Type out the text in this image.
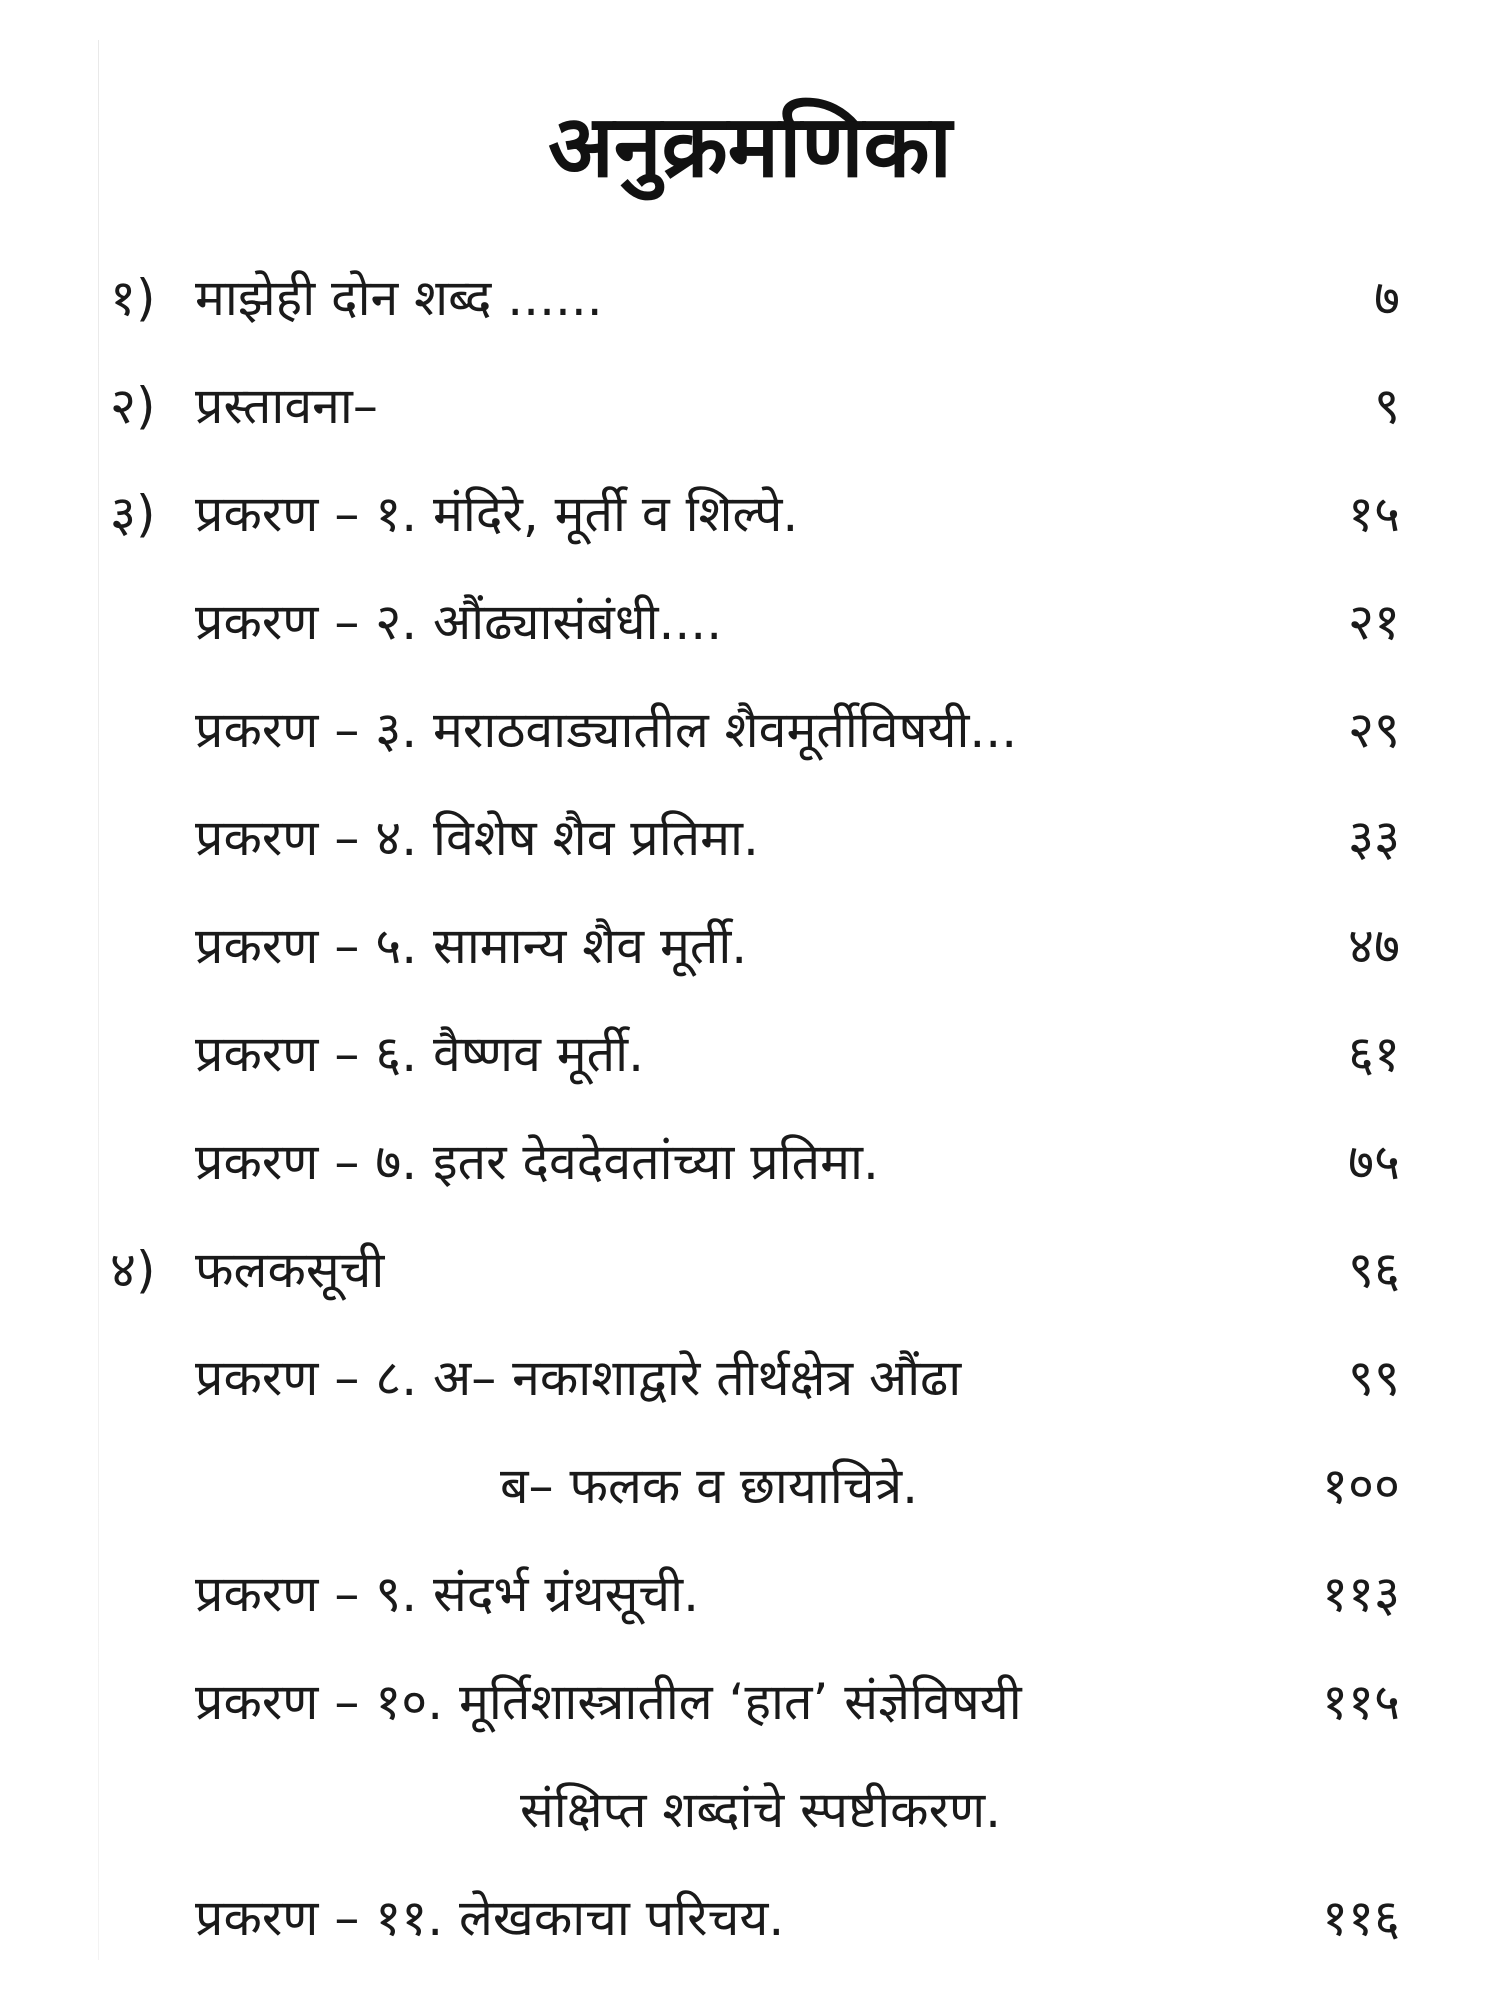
अनुक्रमणिका
१) माझेही दोन शब्द ......	७
२) प्रस्तावना–	९
३) प्रकरण – १. मंदिरे, मूर्ती व शिल्पे.	१५
प्रकरण – २. औंढ्यासंबंधी....	२१
प्रकरण – ३. मराठवाड्यातील शैवमूर्तीविषयी...	२९
प्रकरण – ४. विशेष शैव प्रतिमा.	३३
प्रकरण – ५. सामान्य शैव मूर्ती.	४७
प्रकरण – ६. वैष्णव मूर्ती.	६१
प्रकरण – ७. इतर देवदेवतांच्या प्रतिमा.	७५
४) फलकसूची	९६
प्रकरण – ८. अ– नकाशाद्वारे तीर्थक्षेत्र औंढा	९९
ब– फलक व छायाचित्रे.	१००
प्रकरण – ९. संदर्भ ग्रंथसूची.	११३
प्रकरण – १०. मूर्तिशास्त्रातील ‘हात’ संज्ञेविषयी	११५
संक्षिप्त शब्दांचे स्पष्टीकरण.
प्रकरण – ११. लेखकाचा परिचय.	११६
